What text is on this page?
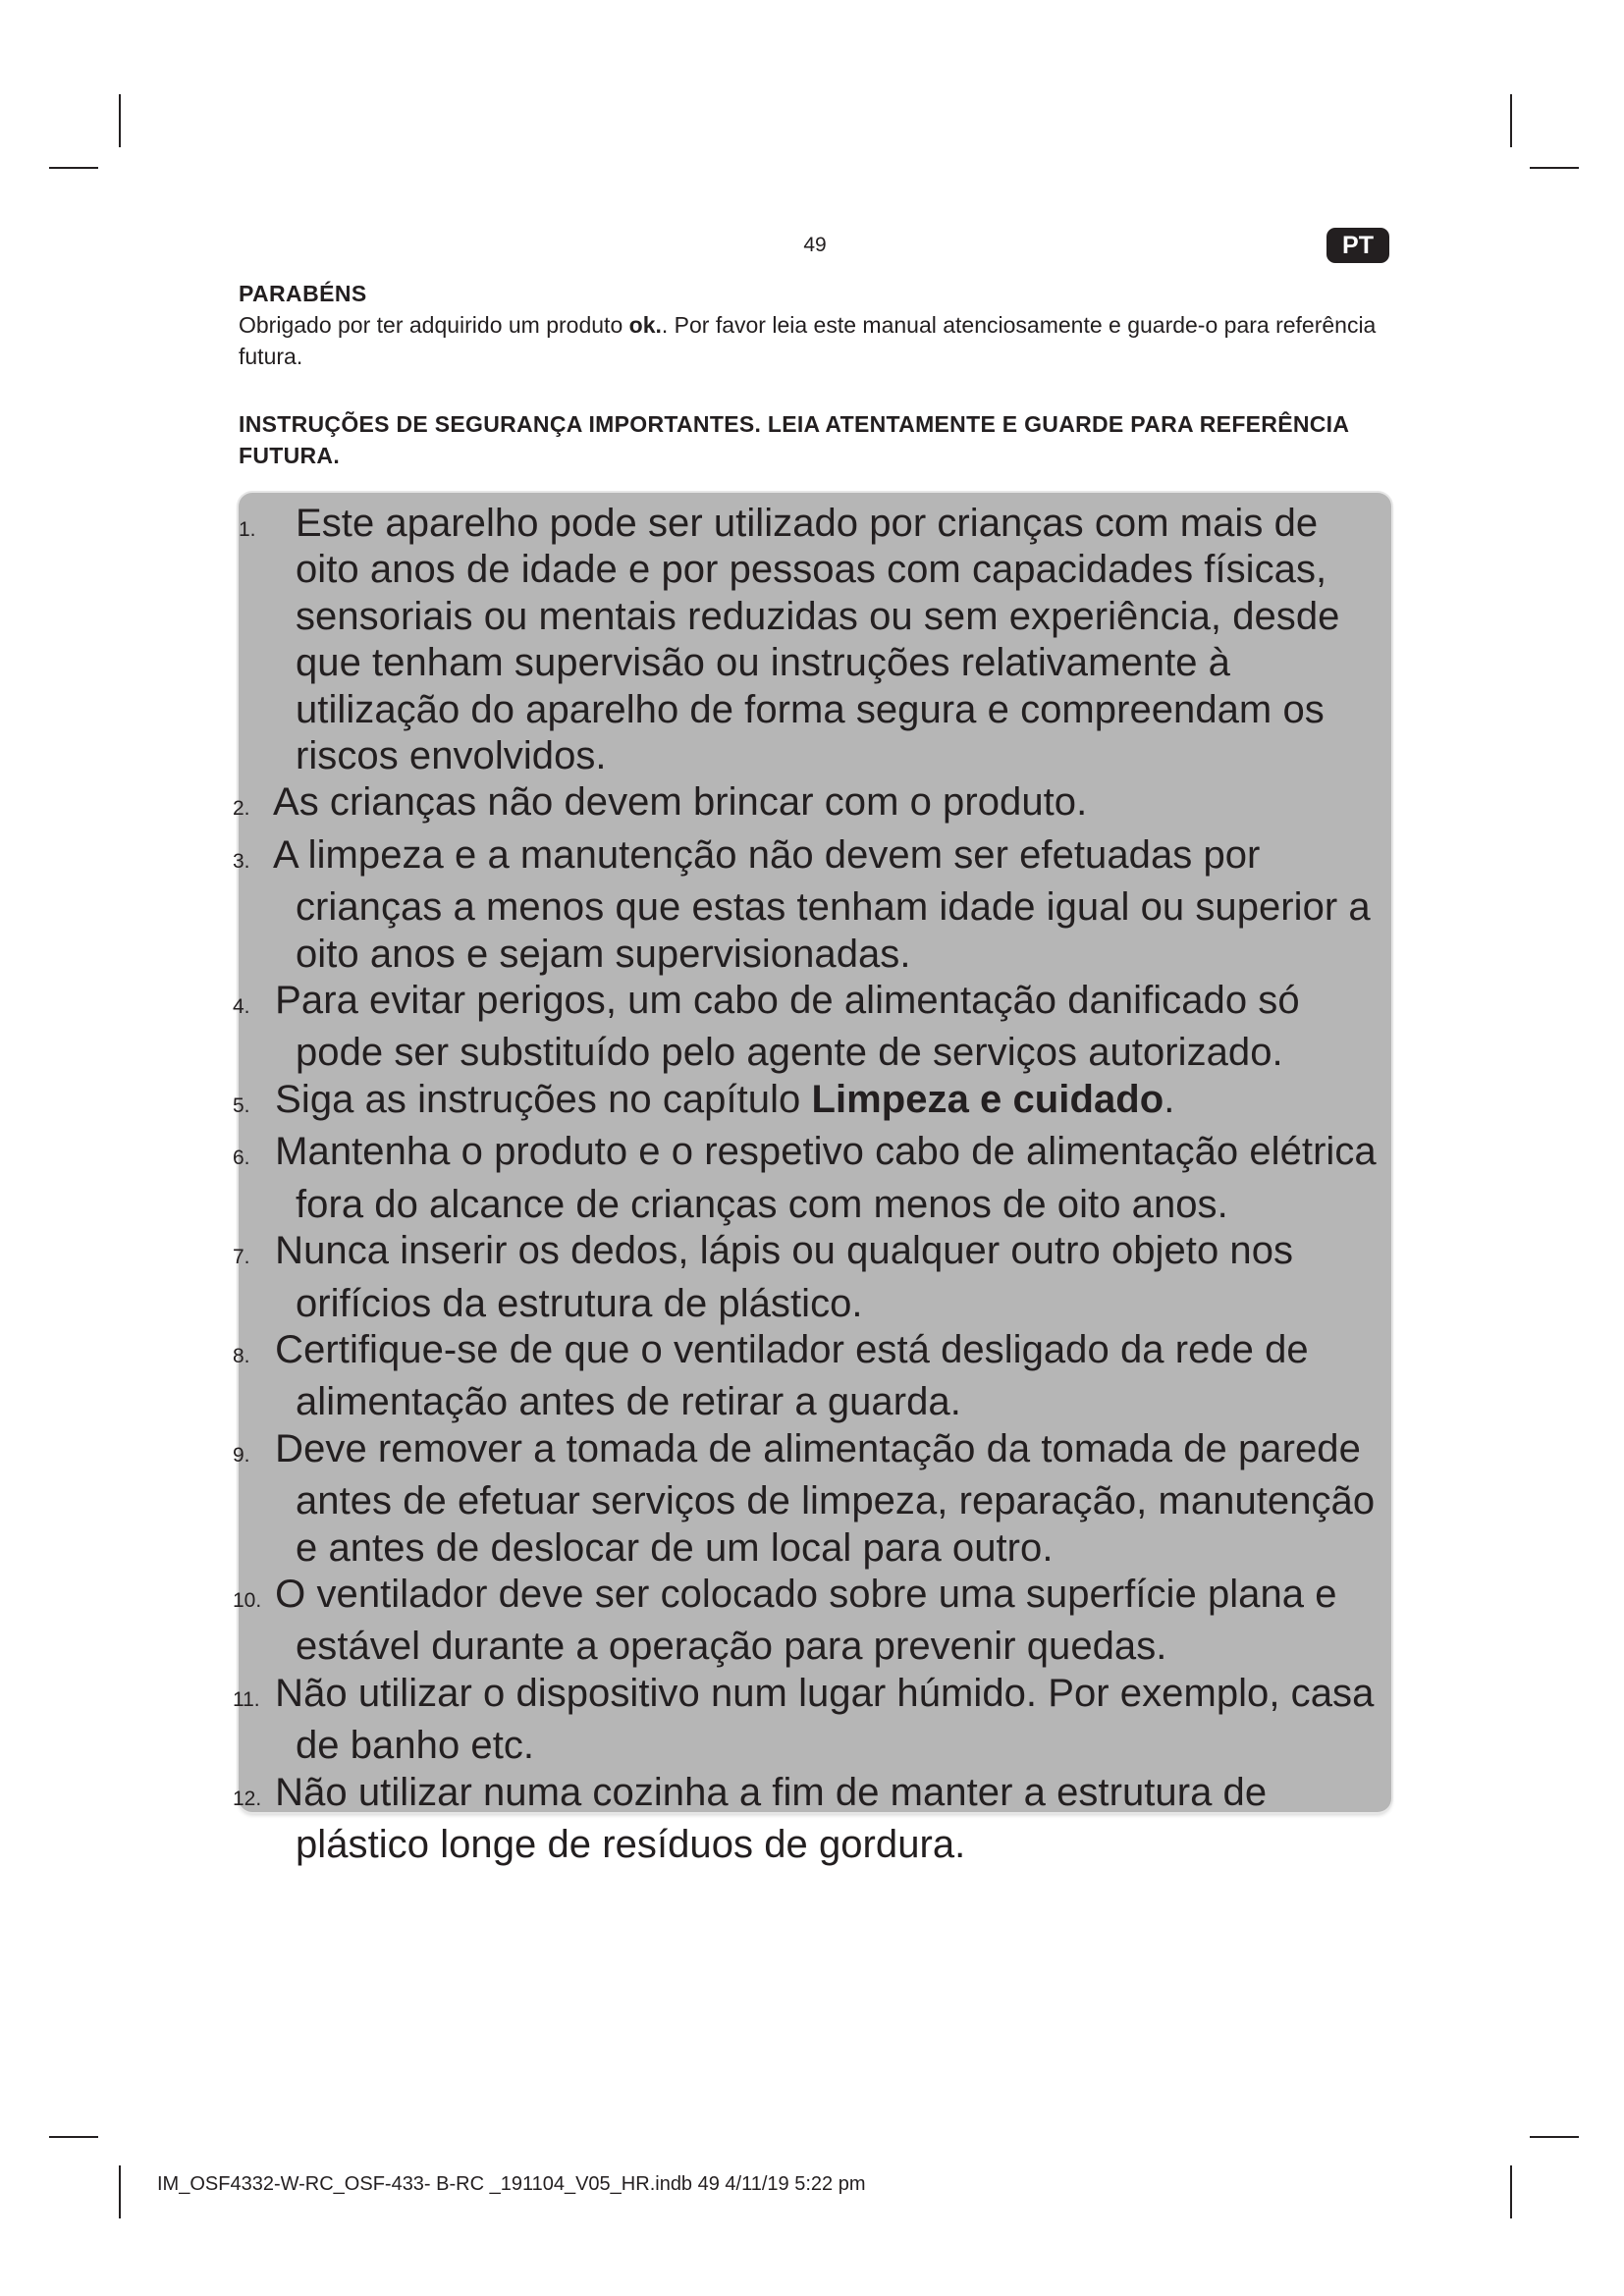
49	PT
PARABÉNS
Obrigado por ter adquirido um produto ok.. Por favor leia este manual atenciosamente e guarde-o para referência futura.
INSTRUÇÕES DE SEGURANÇA IMPORTANTES. LEIA ATENTAMENTE E GUARDE PARA REFERÊNCIA FUTURA.
1. Este aparelho pode ser utilizado por crianças com mais de oito anos de idade e por pessoas com capacidades físicas, sensoriais ou mentais reduzidas ou sem experiência, desde que tenham supervisão ou instruções relativamente à utilização do aparelho de forma segura e compreendam os riscos envolvidos.
2. As crianças não devem brincar com o produto.
3. A limpeza e a manutenção não devem ser efetuadas por crianças a menos que estas tenham idade igual ou superior a oito anos e sejam supervisionadas.
4. Para evitar perigos, um cabo de alimentação danificado só pode ser substituído pelo agente de serviços autorizado.
5. Siga as instruções no capítulo Limpeza e cuidado.
6. Mantenha o produto e o respetivo cabo de alimentação elétrica fora do alcance de crianças com menos de oito anos.
7. Nunca inserir os dedos, lápis ou qualquer outro objeto nos orifícios da estrutura de plástico.
8. Certifique-se de que o ventilador está desligado da rede de alimentação antes de retirar a guarda.
9. Deve remover a tomada de alimentação da tomada de parede antes de efetuar serviços de limpeza, reparação, manutenção e antes de deslocar de um local para outro.
10. O ventilador deve ser colocado sobre uma superfície plana e estável durante a operação para prevenir quedas.
11. Não utilizar o dispositivo num lugar húmido. Por exemplo, casa de banho etc.
12. Não utilizar numa cozinha a fim de manter a estrutura de plástico longe de resíduos de gordura.
IM_OSF4332-W-RC_OSF-433- B-RC _191104_V05_HR.indb 49 4/11/19 5:22 pm
